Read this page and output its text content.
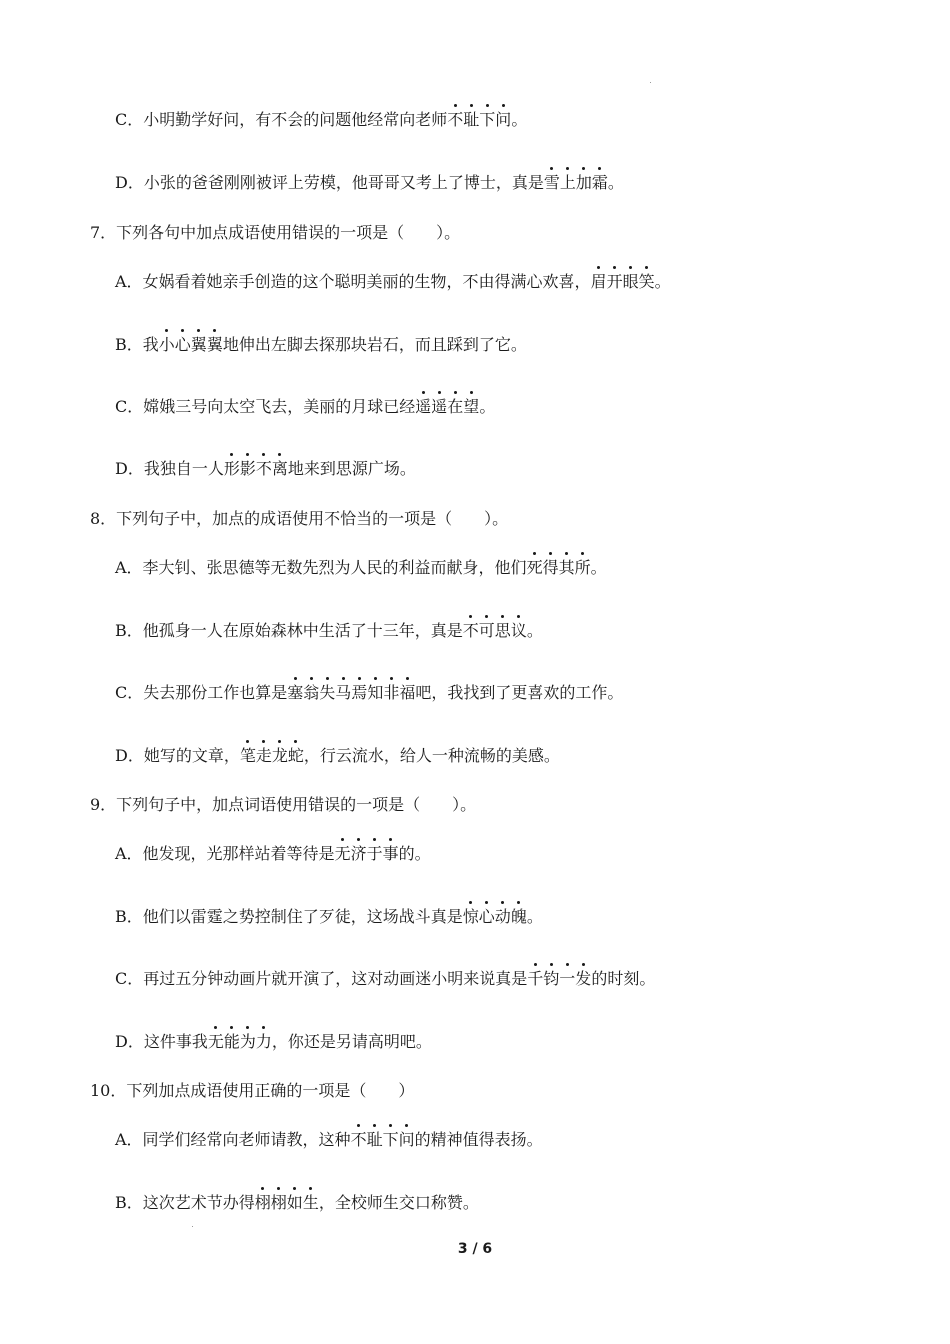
C．小明勤学好问，有不会的问题他经常向老师不
耻
下
问
。
D．小张的爸爸刚刚被评上劳模，他哥哥又考上了博士，真是雪
上
加
霜
。
7．下列各句中加点成语使用错误的一项是（　　）。
A．女娲看着她亲手创造的这个聪明美丽的生物，不由得满心欢喜，眉
开
眼
笑
。
B．我小
心
翼
翼
地伸出左脚去探那块岩石，而且踩到了它。
C．嫦娥三号向太空飞去，美丽的月球已经遥
遥
在
望
。
D．我独自一人形
影
不
离
地来到思源广场。
8．下列句子中，加点的成语使用不恰当的一项是（　　）。
A．李大钊、张思德等无数先烈为人民的利益而献身，他们死
得
其
所
。
B．他孤身一人在原始森林中生活了十三年，真是不
可
思
议
。
C．失去那份工作也算是塞
翁
失
马
焉
知
非
福
吧，我找到了更喜欢的工作。
D．她写的文章，笔
走
龙
蛇
，行云流水，给人一种流畅的美感。
9．下列句子中，加点词语使用错误的一项是（　　）。
A．他发现，光那样站着等待是无
济
于
事
的。
B．他们以雷霆之势控制住了歹徒，这场战斗真是惊
心
动
魄
。
C．再过五分钟动画片就开演了，这对动画迷小明来说真是千
钧
一
发
的时刻。
D．这件事我无
能
为
力
，你还是另请高明吧。
10．下列加点成语使用正确的一项是（　　）
A．同学们经常向老师请教，这种不
耻
下
问
的精神值得表扬。
B．这次艺术节办得栩
栩
如
生
，全校师生交口称赞。
3 / 6
